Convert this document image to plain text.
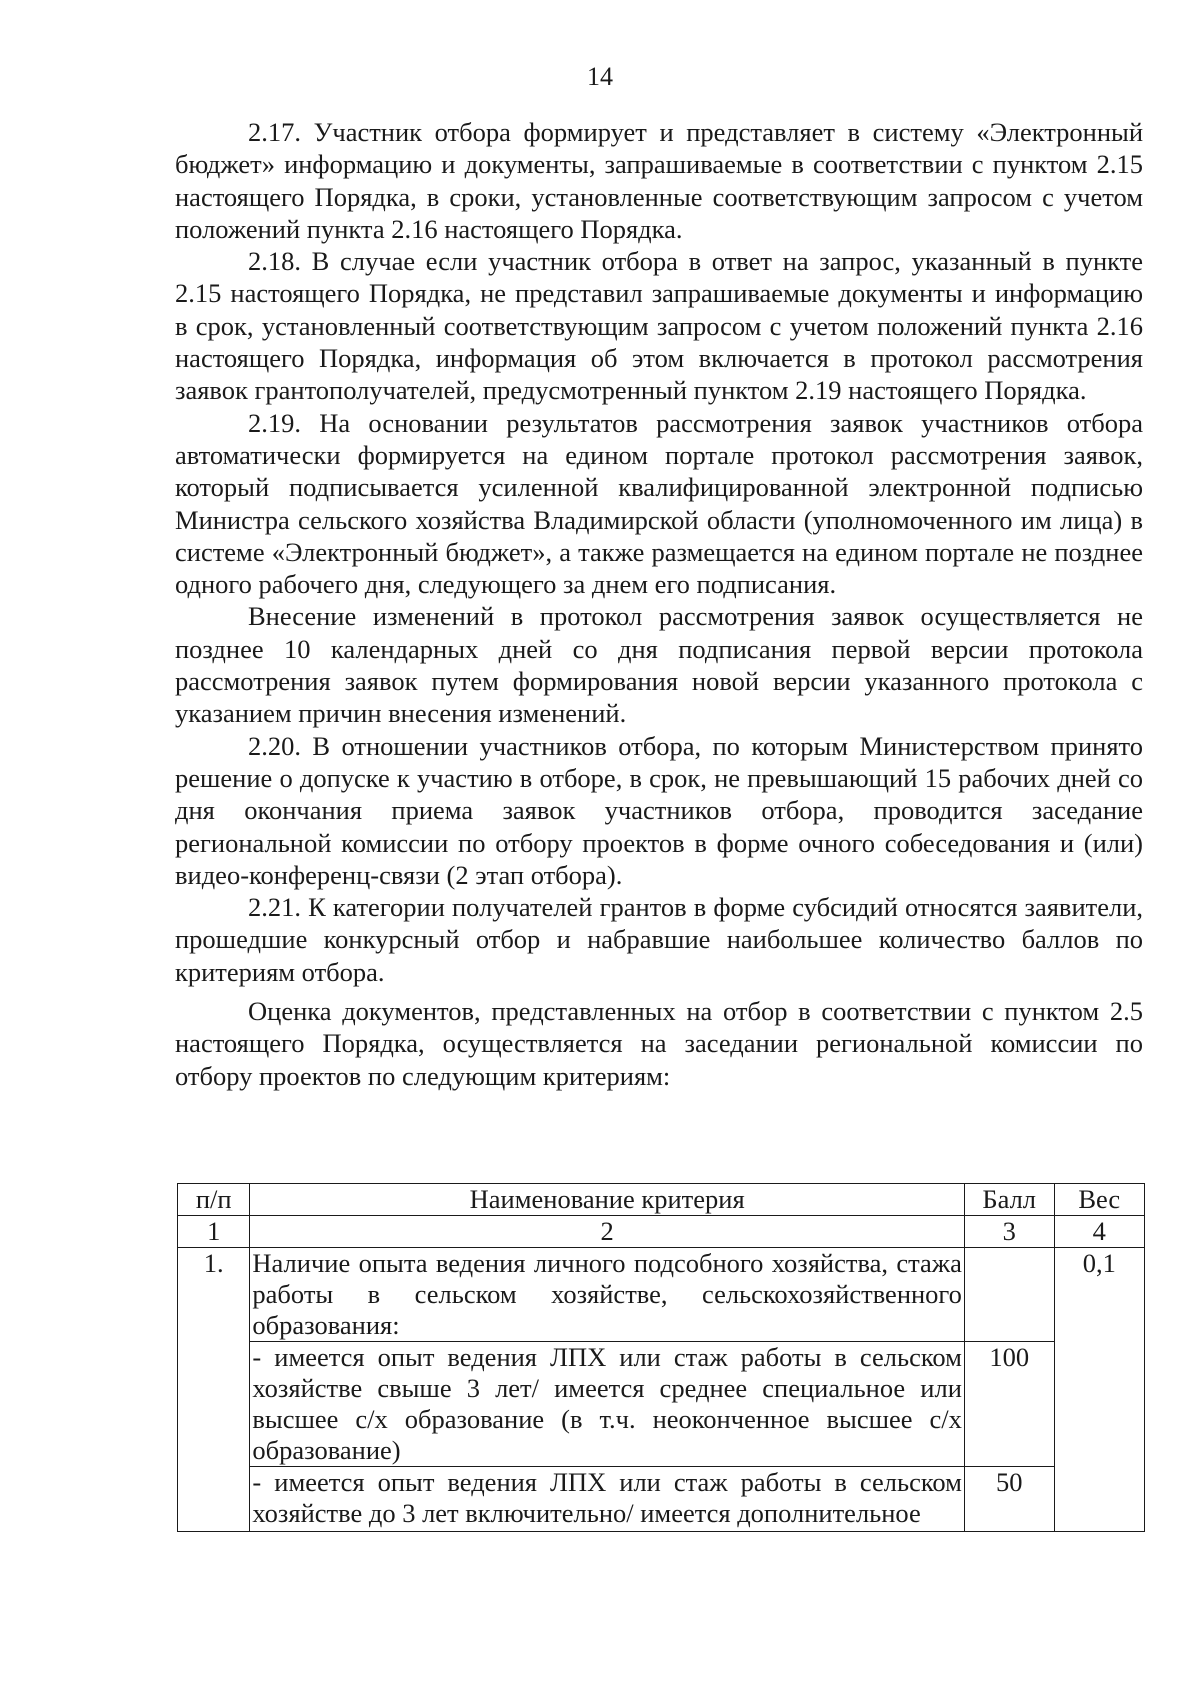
14

2.17. Участник отбора формирует и представляет в систему «Электронный бюджет» информацию и документы, запрашиваемые в соответствии с пунктом 2.15 настоящего Порядка, в сроки, установленные соответствующим запросом с учетом положений пункта 2.16 настоящего Порядка.

2.18. В случае если участник отбора в ответ на запрос, указанный в пункте 2.15 настоящего Порядка, не представил запрашиваемые документы и информацию в срок, установленный соответствующим запросом с учетом положений пункта 2.16 настоящего Порядка, информация об этом включается в протокол рассмотрения заявок грантополучателей, предусмотренный пунктом 2.19 настоящего Порядка.

2.19. На основании результатов рассмотрения заявок участников отбора автоматически формируется на едином портале протокол рассмотрения заявок, который подписывается усиленной квалифицированной электронной подписью Министра сельского хозяйства Владимирской области (уполномоченного им лица) в системе «Электронный бюджет», а также размещается на едином портале не позднее одного рабочего дня, следующего за днем его подписания.

Внесение изменений в протокол рассмотрения заявок осуществляется не позднее 10 календарных дней со дня подписания первой версии протокола рассмотрения заявок путем формирования новой версии указанного протокола с указанием причин внесения изменений.

2.20. В отношении участников отбора, по которым Министерством принято решение о допуске к участию в отборе, в срок, не превышающий 15 рабочих дней со дня окончания приема заявок участников отбора, проводится заседание региональной комиссии по отбору проектов в форме очного собеседования и (или) видео-конференц-связи (2 этап отбора).

2.21. К категории получателей грантов в форме субсидий относятся заявители, прошедшие конкурсный отбор и набравшие наибольшее количество баллов по критериям отбора.

Оценка документов, представленных на отбор в соответствии с пунктом 2.5 настоящего Порядка, осуществляется на заседании региональной комиссии по отбору проектов по следующим критериям:

п/п	Наименование критерия	Балл	Вес
1	2	3	4
1.	Наличие опыта ведения личного подсобного хозяйства, стажа работы в сельском хозяйстве, сельскохозяйственного образования:		0,1
	- имеется опыт ведения ЛПХ или стаж работы в сельском хозяйстве свыше 3 лет/ имеется среднее специальное или высшее с/х образование (в т.ч. неоконченное высшее с/х образование)	100	
	- имеется опыт ведения ЛПХ или стаж работы в сельском хозяйстве до 3 лет включительно/ имеется дополнительное	50	
